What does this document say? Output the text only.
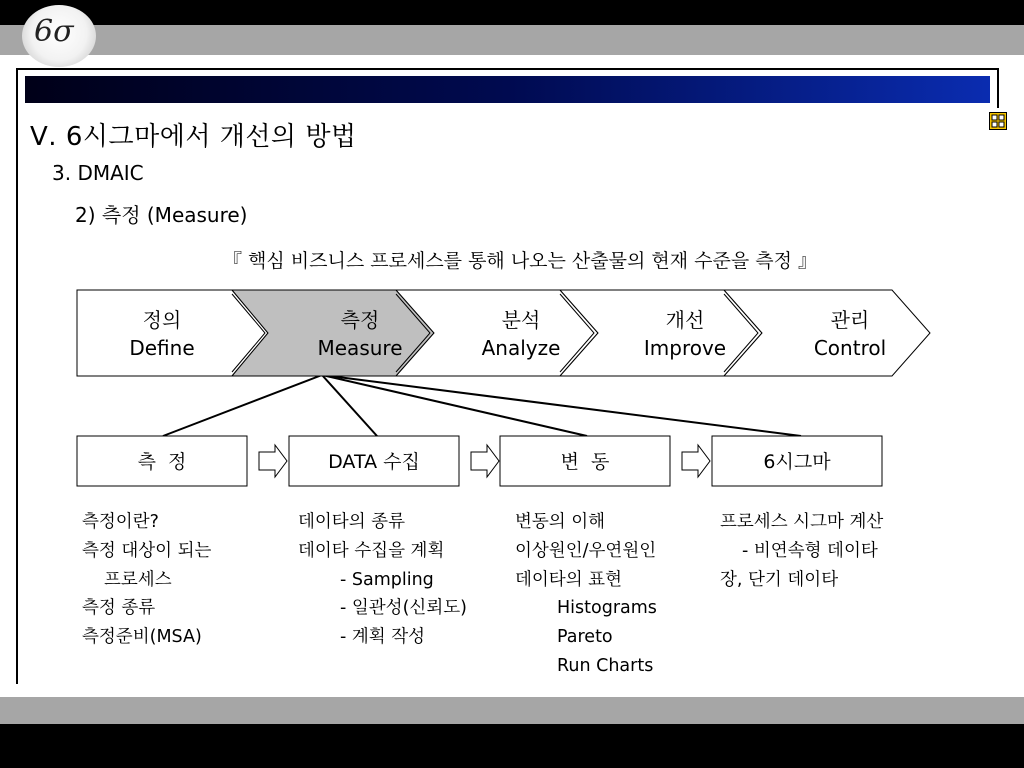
6σ
Ⅴ. 6시그마에서 개선의 방법
3. DMAIC
2) 측정 (Measure)
『 핵심 비즈니스 프로세스를 통해 나오는 산출물의 현재 수준을 측정 』
정의
Define
측정
Measure
분석
Analyze
개선
Improve
관리
Control
측  정	DATA 수집	변  동	6시그마
측정이란?
측정 대상이 되는
프로세스
측정 종류
측정준비(MSA)
데이타의 종류
데이타 수집을 계획
- Sampling
- 일관성(신뢰도)
- 계획 작성
변동의 이해
이상원인/우연원인
데이타의 표현
Histograms
Pareto
Run Charts
프로세스 시그마 계산
- 비연속형 데이타
장, 단기 데이타
